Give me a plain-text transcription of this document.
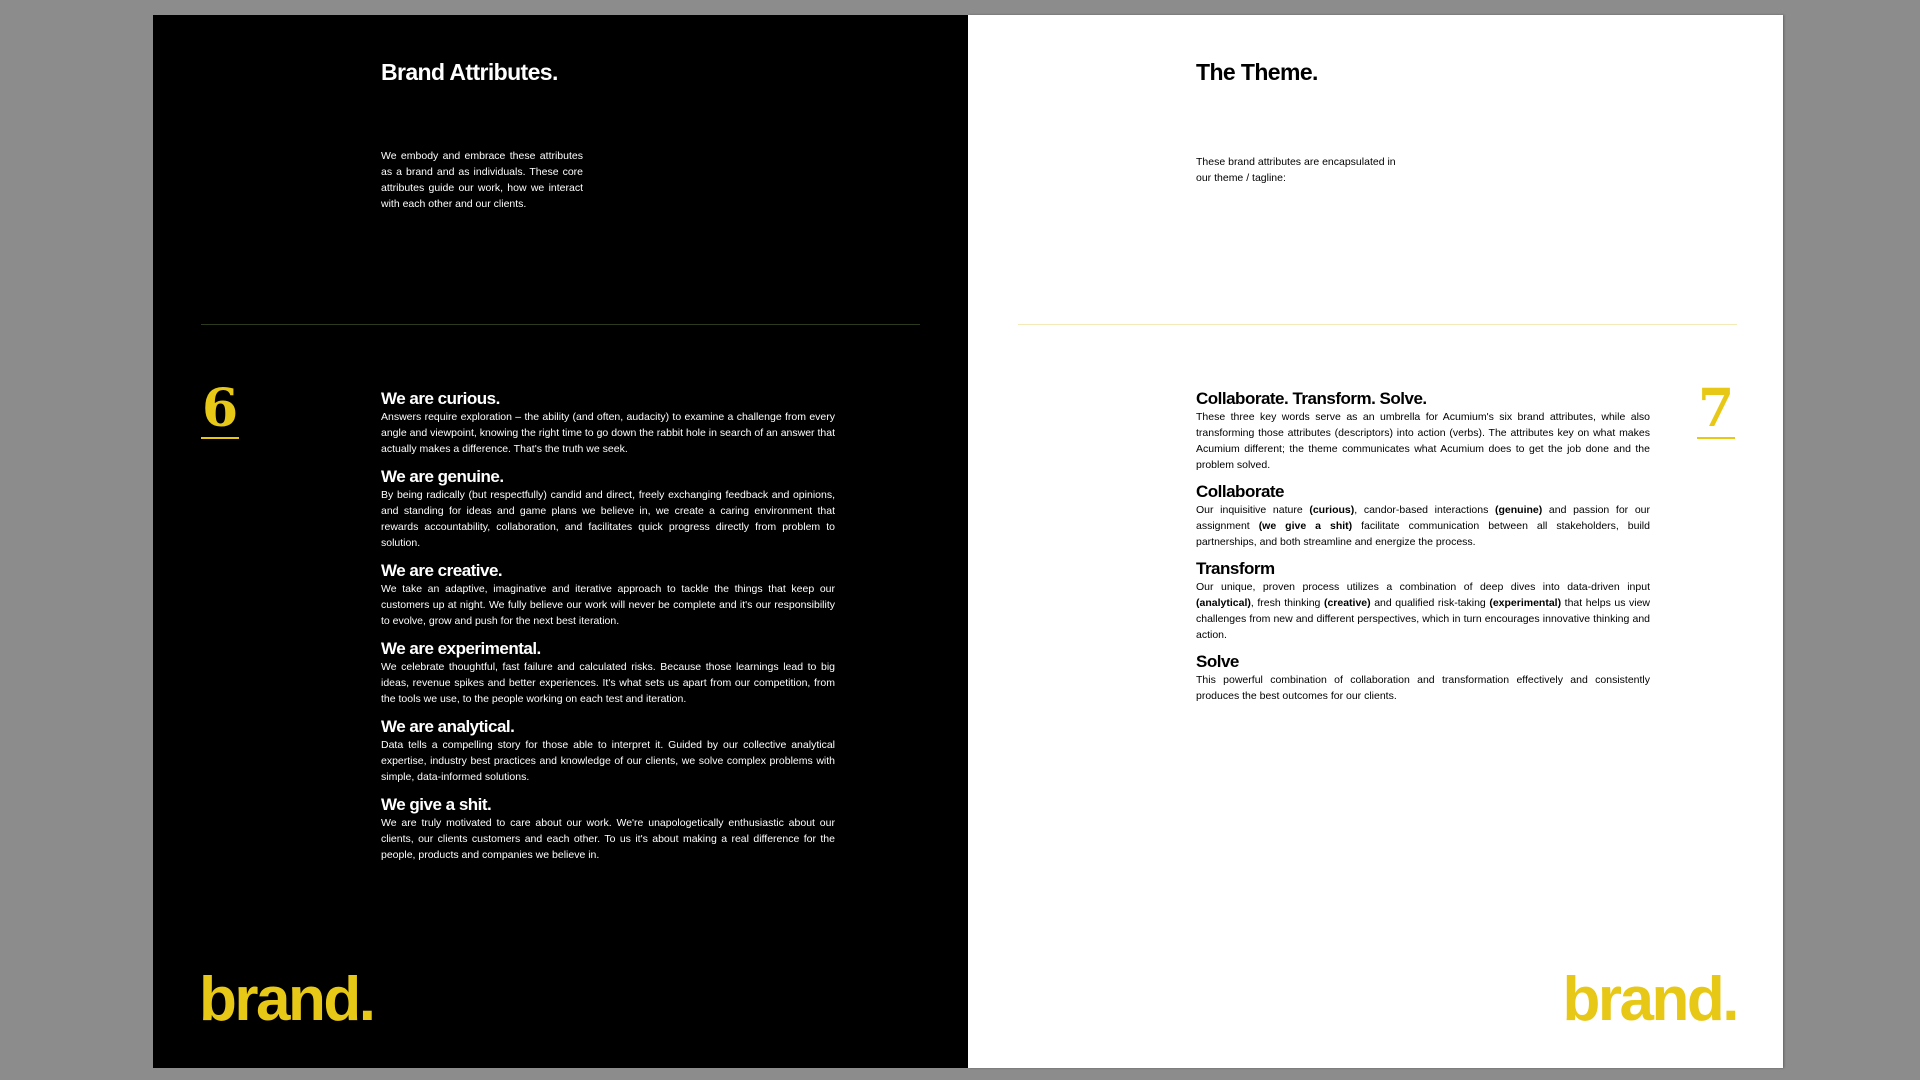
Brand Attributes.

We embody and embrace these attributes as a brand and as individuals. These core attributes guide our work, how we interact with each other and our clients.

6	We are curious.

Answers require exploration – the ability (and often, audacity) to examine a challenge from every angle and viewpoint, knowing the right time to go down the rabbit hole in search of an answer that actually makes a difference. That's the truth we seek.

We are genuine.

By being radically (but respectfully) candid and direct, freely exchanging feedback and opinions, and standing for ideas and game plans we believe in, we create a caring environment that rewards accountability, collaboration, and facilitates quick progress directly from problem to solution.

We are creative.

We take an adaptive, imaginative and iterative approach to tackle the things that keep our customers up at night. We fully believe our work will never be complete and it's our responsibility to evolve, grow and push for the next best iteration.

We are experimental.

We celebrate thoughtful, fast failure and calculated risks. Because those learnings lead to big ideas, revenue spikes and better experiences. It's what sets us apart from our competition, from the tools we use, to the people working on each test and iteration.

We are analytical.

Data tells a compelling story for those able to interpret it. Guided by our collective analytical expertise, industry best practices and knowledge of our clients, we solve complex problems with simple, data-informed solutions.

We give a shit.

We are truly motivated to care about our work. We're unapologetically enthusiastic about our clients, our clients customers and each other. To us it's about making a real difference for the people, products and companies we believe in.

brand.
The Theme.

These brand attributes are encapsulated in our theme / tagline:

7
Collaborate. Transform. Solve.

These three key words serve as an umbrella for Acumium's six brand attributes, while also transforming those attributes (descriptors) into action (verbs). The attributes key on what makes Acumium different; the theme communicates what Acumium does to get the job done and the problem solved.

Collaborate

Our inquisitive nature (curious), candor-based interactions (genuine) and passion for our assignment (we give a shit) facilitate communication between all stakeholders, build partnerships, and both streamline and energize the process.

Transform

Our unique, proven process utilizes a combination of deep dives into data-driven input (analytical), fresh thinking (creative) and qualified risk-taking (experimental) that helps us view challenges from new and different perspectives, which in turn encourages innovative thinking and action.

Solve

This powerful combination of collaboration and transformation effectively and consistently produces the best outcomes for our clients.

brand.
